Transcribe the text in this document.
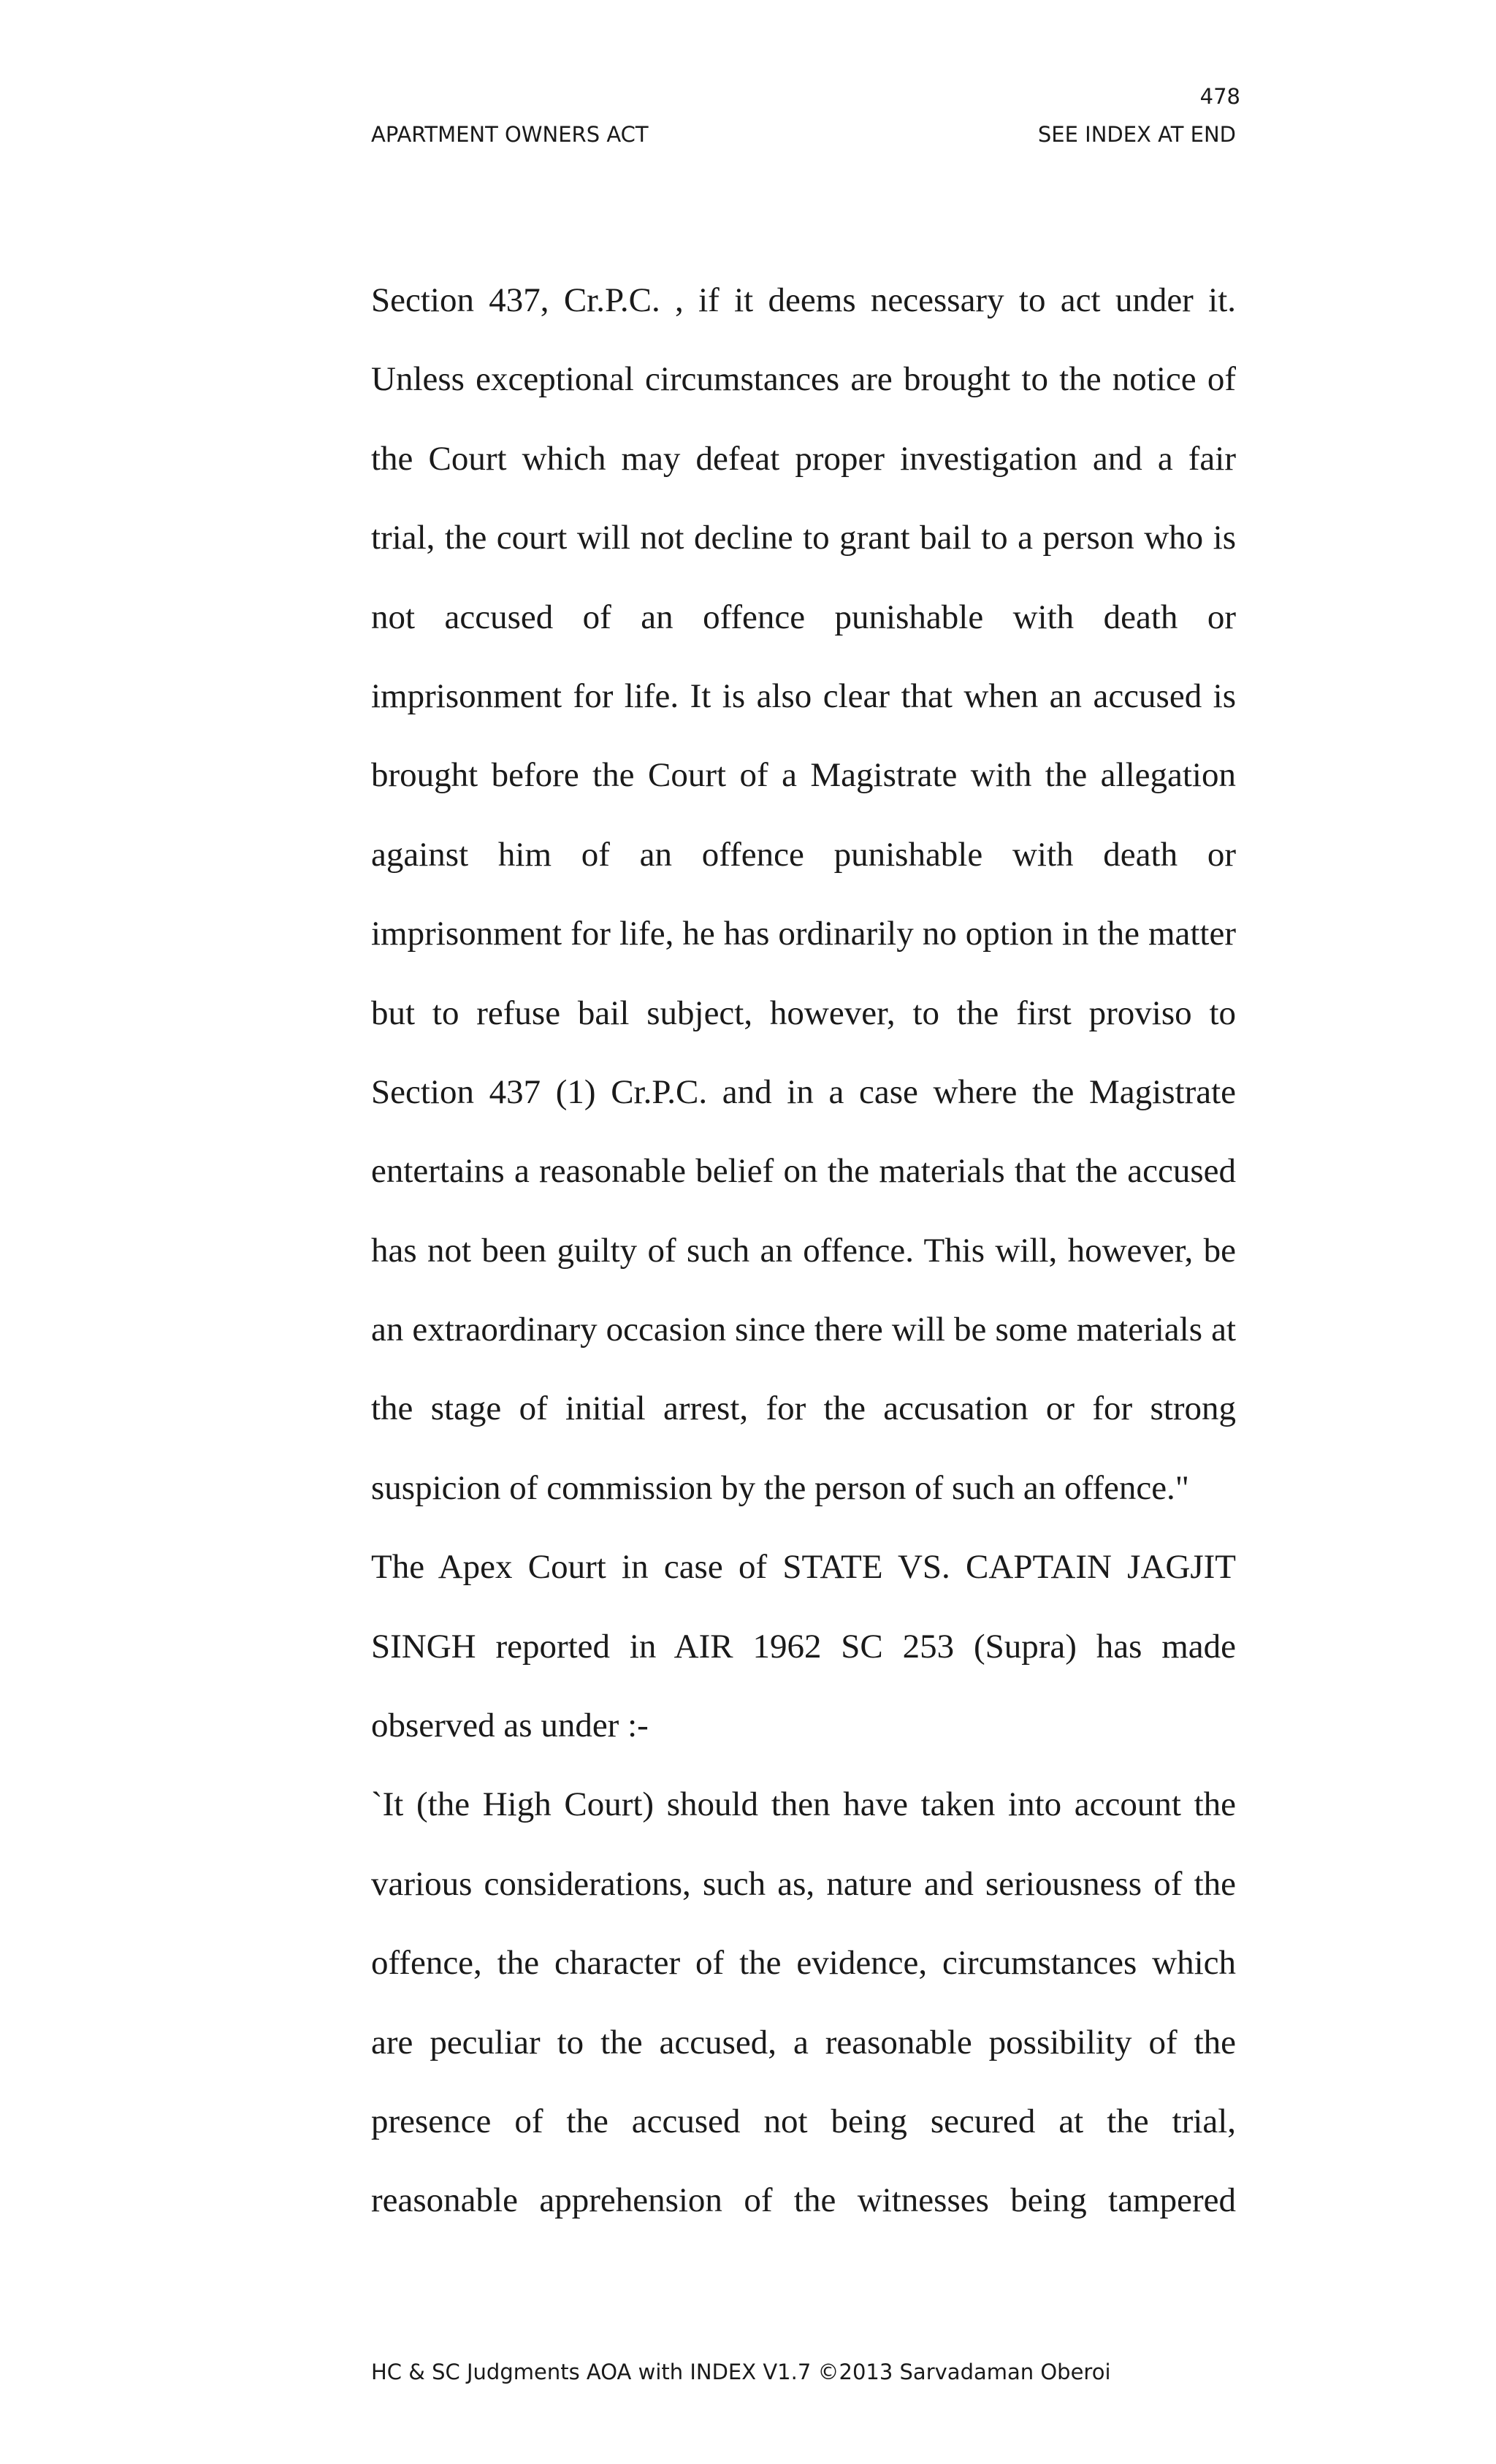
478
APARTMENT OWNERS ACT	SEE INDEX AT END
Section 437, Cr.P.C. , if it deems necessary to act under it.
Unless exceptional circumstances are brought to the notice of
the Court which may defeat proper investigation and a fair
trial, the court will not decline to grant bail to a person who is
not accused of an offence punishable with death or
imprisonment for life. It is also clear that when an accused is
brought before the Court of a Magistrate with the allegation
against him of an offence punishable with death or
imprisonment for life, he has ordinarily no option in the matter
but to refuse bail subject, however, to the first proviso to
Section 437 (1) Cr.P.C. and in a case where the Magistrate
entertains a reasonable belief on the materials that the accused
has not been guilty of such an offence. This will, however, be
an extraordinary occasion since there will be some materials at
the stage of initial arrest, for the accusation or for strong
suspicion of commission by the person of such an offence."
The Apex Court in case of STATE VS. CAPTAIN JAGJIT
SINGH reported in AIR 1962 SC 253 (Supra) has made
observed as under :-
`It (the High Court) should then have taken into account the
various considerations, such as, nature and seriousness of the
offence, the character of the evidence, circumstances which
are peculiar to the accused, a reasonable possibility of the
presence of the accused not being secured at the trial,
reasonable apprehension of the witnesses being tampered
HC & SC Judgments AOA with INDEX V1.7 ©2013 Sarvadaman Oberoi
